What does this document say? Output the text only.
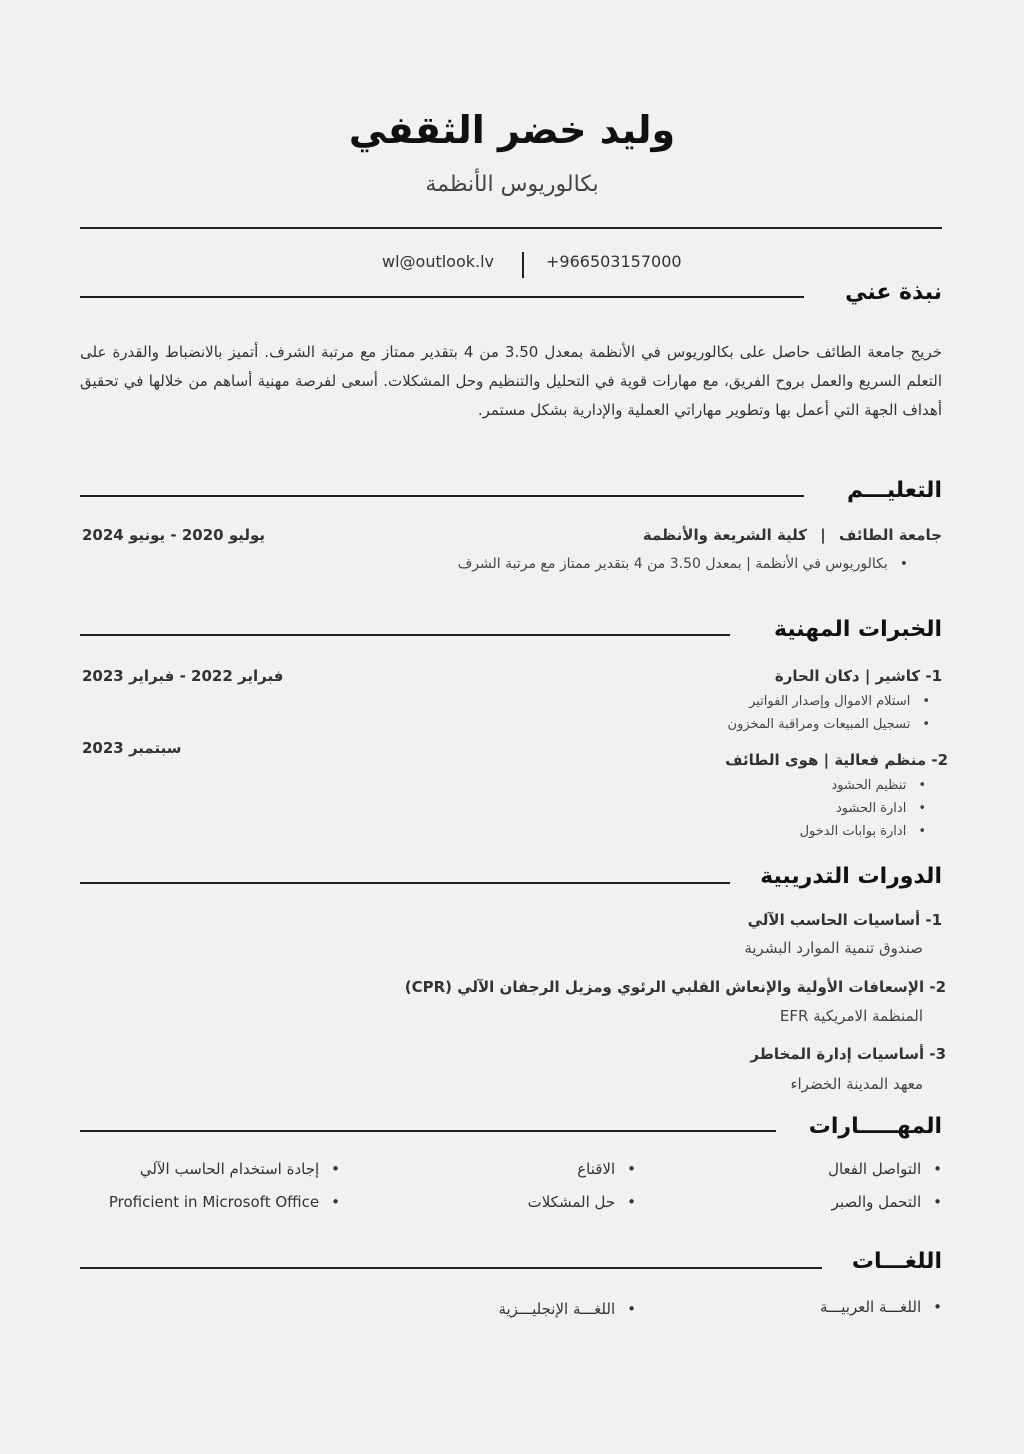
وليد خضر الثقفي
بكالوريوس الأنظمة
+966503157000
wl@outlook.lv
نبذة عني
خريج جامعة الطائف حاصل على بكالوريوس في الأنظمة بمعدل 3.50 من 4 بتقدير ممتاز مع مرتبة الشرف. أتميز بالانضباط والقدرة على التعلم السريع والعمل بروح الفريق، مع مهارات قوية في التحليل والتنظيم وحل المشكلات. أسعى لفرصة مهنية أساهم من خلالها في تحقيق أهداف الجهة التي أعمل بها وتطوير مهاراتي العملية والإدارية بشكل مستمر.
التعليـــم
جامعة الطائف | كلية الشريعة والأنظمة
يوليو 2020 - يونيو 2024
• بكالوريوس في الأنظمة | بمعدل 3.50 من 4 بتقدير ممتاز مع مرتبة الشرف
الخبرات المهنية
1- كاشير | دكان الحارة
فبراير 2022 - فبراير 2023
• استلام الاموال وإصدار الفواتير
• تسجيل المبيعات ومراقبة المخزون
2- منظم فعالية | هوى الطائف
سبتمبر 2023
• تنظيم الحشود
• ادارة الحشود
• ادارة بوابات الدخول
الدورات التدريبية
1- أساسيات الحاسب الآلي
صندوق تنمية الموارد البشرية
2- الإسعافات الأولية والإنعاش القلبي الرئوي ومزيل الرجفان الآلي (CPR)
المنظمة الامريكية EFR
3- أساسيات إدارة المخاطر
معهد المدينة الخضراء
المهـــــارات
• التواصل الفعال
• التحمل والصبر
• الاقناع
• حل المشكلات
• إجادة استخدام الحاسب الآلي
• Proficient in Microsoft Office
اللغـــات
• اللغـــة العربيـــة
• اللغـــة الإنجليـــزية
